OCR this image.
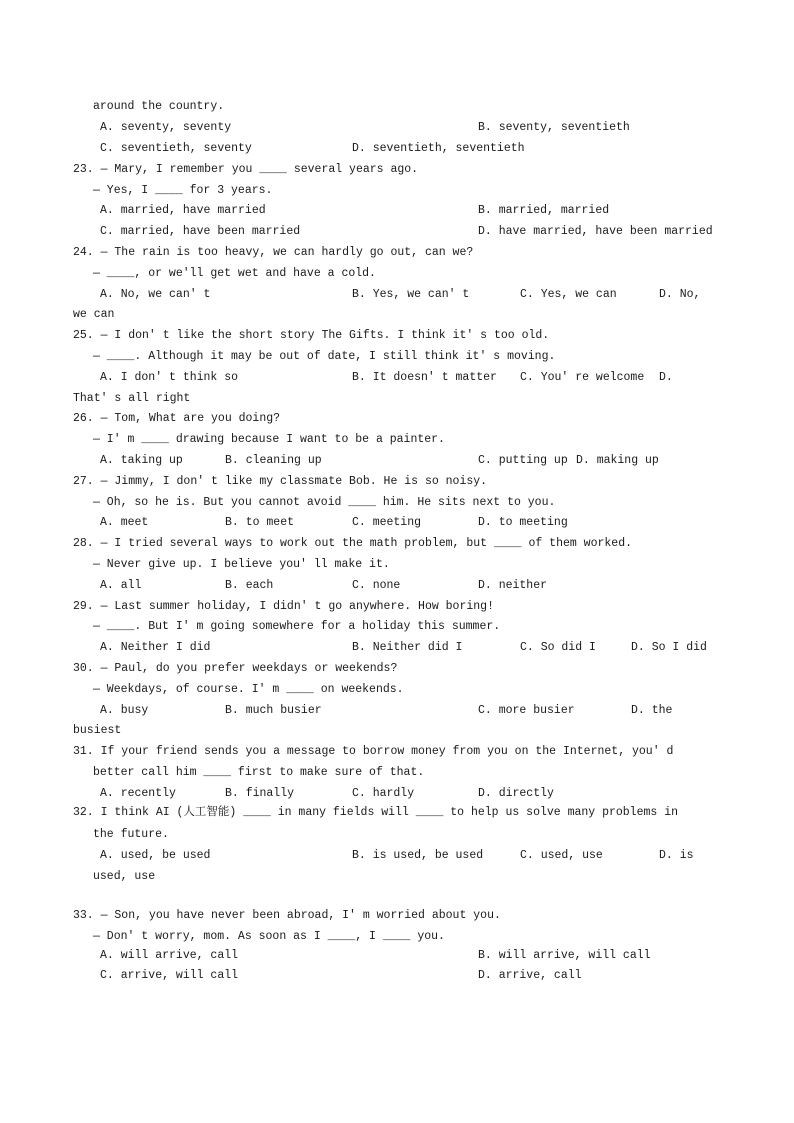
around the country.

A. seventy, seventy	B. seventy, seventieth

C. seventieth, seventy	D. seventieth, seventieth

23. — Mary, I remember you ____ several years ago.

— Yes, I ____ for 3 years.

A. married, have married	B. married, married

C. married, have been married	D. have married, have been married

24. — The rain is too heavy, we can hardly go out, can we?

— ____, or we'll get wet and have a cold.

A. No, we can' t	B. Yes, we can' t	C. Yes, we can	D. No,

we can

25. — I don' t like the short story The Gifts. I think it' s too old.

— ____. Although it may be out of date, I still think it' s moving.

A. I don' t think so	B. It doesn' t matter C. You' re welcome D.

That' s all right

26. — Tom, What are you doing?

— I' m ____ drawing because I want to be a painter.

A. taking up	B. cleaning up	C. putting up D. making up

27. — Jimmy, I don' t like my classmate Bob. He is so noisy.

— Oh, so he is. But you cannot avoid ____ him. He sits next to you.

A. meet	B. to meet	C. meeting	D. to meeting

28. — I tried several ways to work out the math problem, but ____ of them worked.

— Never give up. I believe you' ll make it.

A. all	B. each	C. none	D. neither

29. — Last summer holiday, I didn' t go anywhere. How boring!

— ____. But I' m going somewhere for a holiday this summer.

A. Neither I did	B. Neither did I	C. So did I	D. So I did

30. — Paul, do you prefer weekdays or weekends?

— Weekdays, of course. I' m ____ on weekends.

A. busy	B. much busier	C. more busier	D. the

busiest

31. If your friend sends you a message to borrow money from you on the Internet, you' d

better call him ____ first to make sure of that.

A. recently	B. finally	C. hardly	D. directly

32. I think AI (人工智能) ____ in many fields will ____ to help us solve many problems in

the future.

A. used, be used	B. is used, be used	C. used, use	D. is

used, use

33. — Son, you have never been abroad, I' m worried about you.

— Don' t worry, mom. As soon as I ____, I ____ you.

A. will arrive, call	B. will arrive, will call

C. arrive, will call	D. arrive, call
